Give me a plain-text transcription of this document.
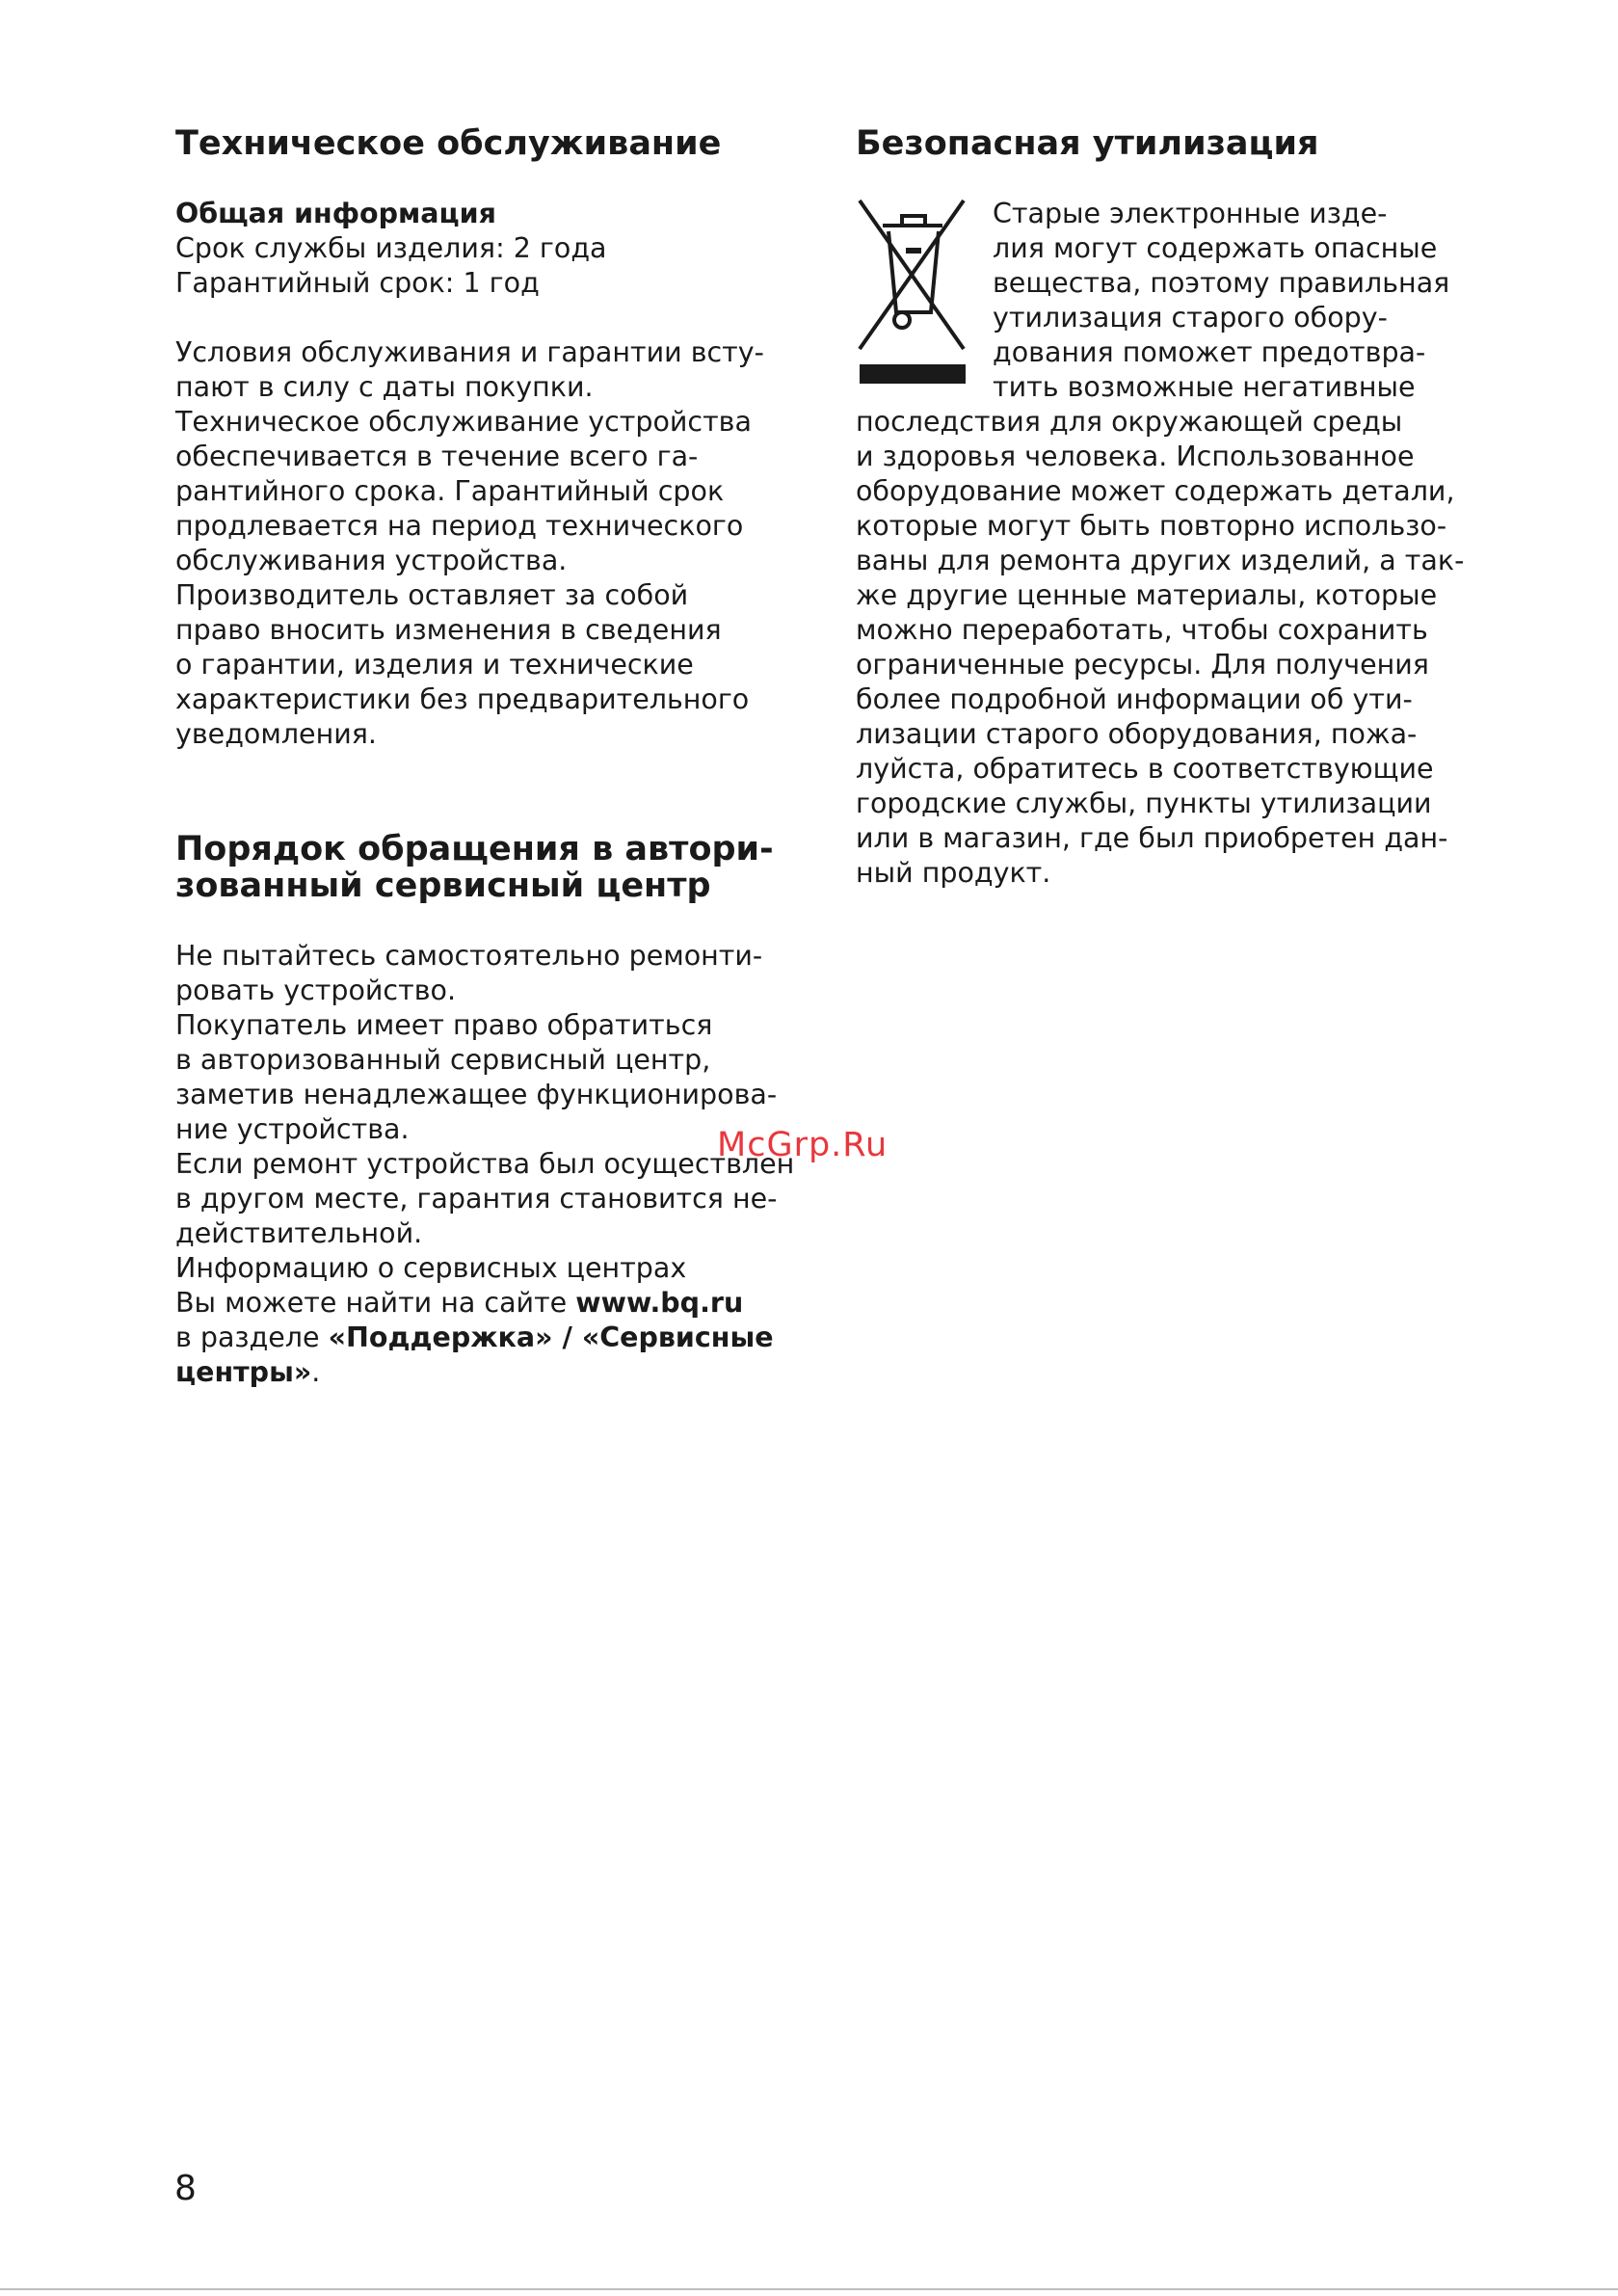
Техническое обслуживание
Общая информация
Срок службы изделия: 2 года
Гарантийный срок: 1 год
Условия обслуживания и гарантии всту-
пают в силу с даты покупки.
Техническое обслуживание устройства
обеспечивается в течение всего га-
рантийного срока. Гарантийный срок
продлевается на период технического
обслуживания устройства.
Производитель оставляет за собой
право вносить изменения в сведения
о гарантии, изделия и технические
характеристики без предварительного
уведомления.
Порядок обращения в автори-
зованный сервисный центр
Не пытайтесь самостоятельно ремонти-
ровать устройство.
Покупатель имеет право обратиться
в авторизованный сервисный центр,
заметив ненадлежащее функционирова-
ние устройства.
Если ремонт устройства был осуществлен
в другом месте, гарантия становится не-
действительной.
Информацию о сервисных центрах
Вы можете найти на сайте www.bq.ru
в разделе «Поддержка» / «Сервисные
центры».
Безопасная утилизация
Старые электронные изде-
лия могут содержать опасные
вещества, поэтому правильная
утилизация старого обору-
дования поможет предотвра-
тить возможные негативные
последствия для окружающей среды
и здоровья человека. Использованное
оборудование может содержать детали,
которые могут быть повторно использо-
ваны для ремонта других изделий, а так-
же другие ценные материалы, которые
можно переработать, чтобы сохранить
ограниченные ресурсы. Для получения
более подробной информации об ути-
лизации старого оборудования, пожа-
луйста, обратитесь в соответствующие
городские службы, пункты утилизации
или в магазин, где был приобретен дан-
ный продукт.
McGrp.Ru
8
